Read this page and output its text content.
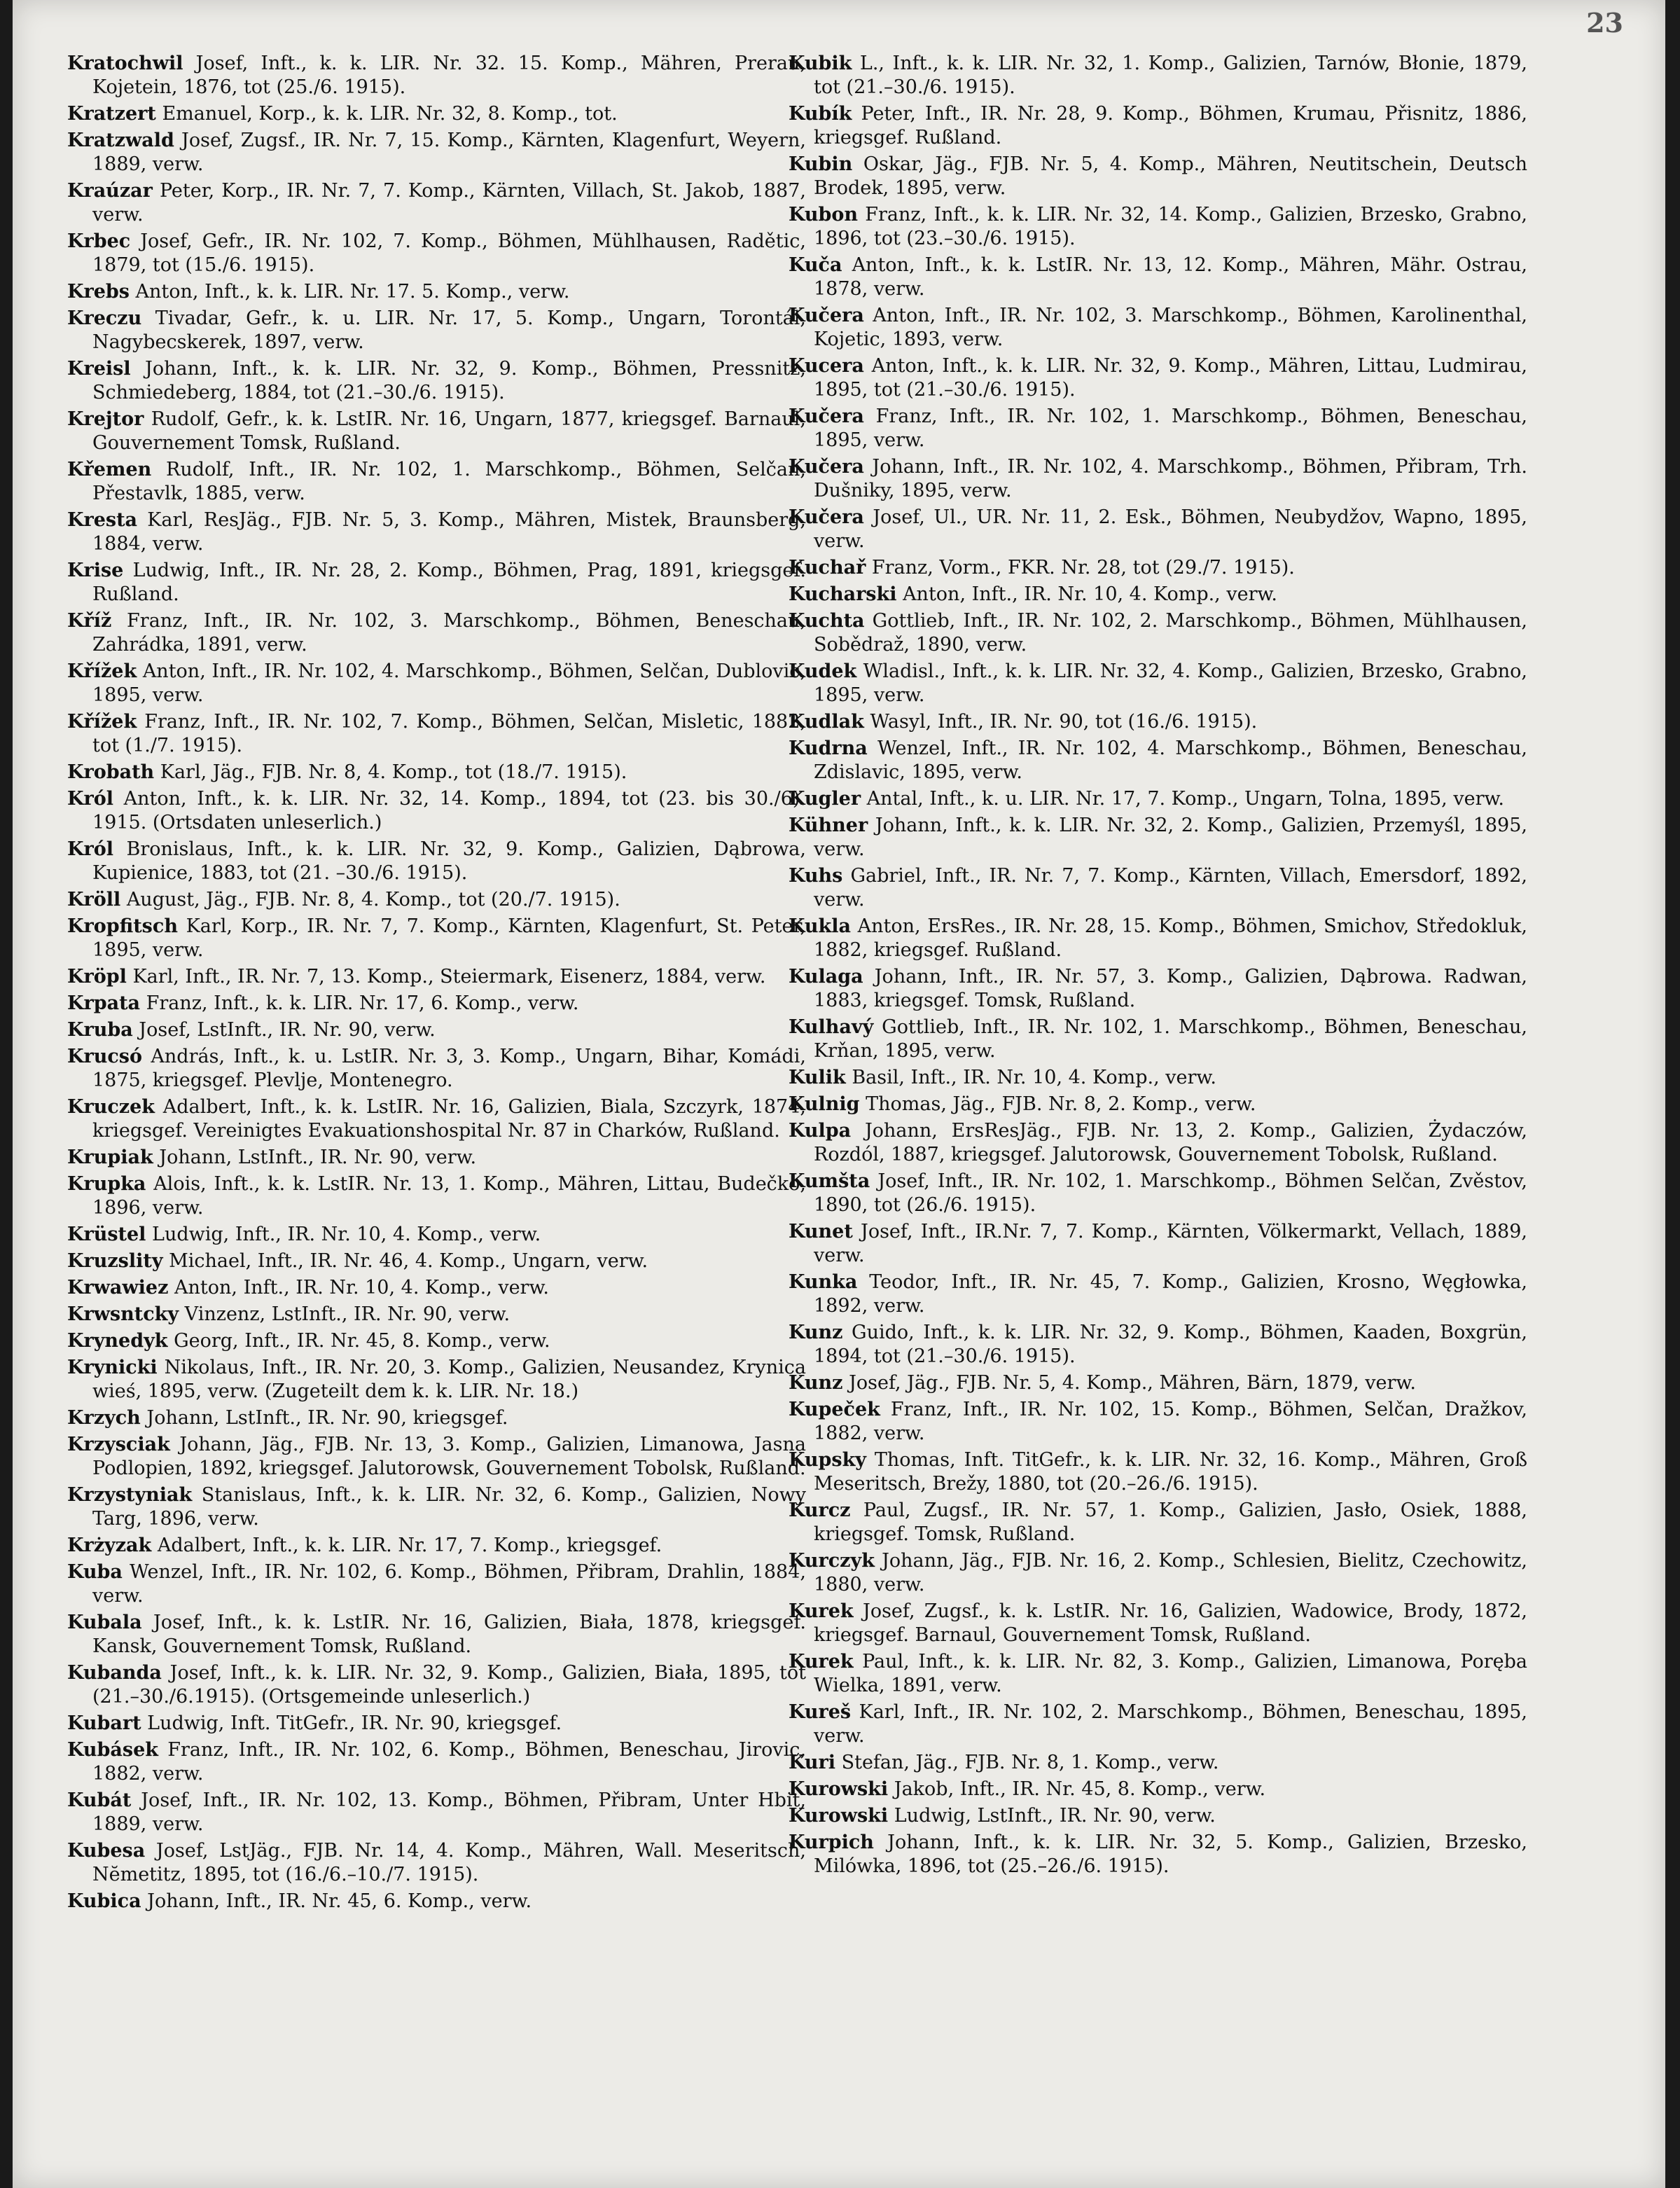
23

Kratochwil Josef, Inft., k. k. LIR. Nr. 32. 15. Komp., Mähren, Prerau, Kojetein, 1876, tot (25./6. 1915).

Kratzert Emanuel, Korp., k. k. LIR. Nr. 32, 8. Komp., tot.

Kratzwald Josef, Zugsf., IR. Nr. 7, 15. Komp., Kärnten, Klagenfurt, Weyern, 1889, verw.

Kraúzar Peter, Korp., IR. Nr. 7, 7. Komp., Kärnten, Villach, St. Jakob, 1887, verw.

Krbec Josef, Gefr., IR. Nr. 102, 7. Komp., Böhmen, Mühlhausen, Radětic, 1879, tot (15./6. 1915).

Krebs Anton, Inft., k. k. LIR. Nr. 17. 5. Komp., verw.

Kreczu Tivadar, Gefr., k. u. LIR. Nr. 17, 5. Komp., Ungarn, Torontál, Nagybecskerek, 1897, verw.

Kreisl Johann, Inft., k. k. LIR. Nr. 32, 9. Komp., Böhmen, Pressnitz, Schmiedeberg, 1884, tot (21.–30./6. 1915).

Krejtor Rudolf, Gefr., k. k. LstIR. Nr. 16, Ungarn, 1877, kriegsgef. Barnaul, Gouvernement Tomsk, Rußland.

Křemen Rudolf, Inft., IR. Nr. 102, 1. Marschkomp., Böhmen, Selčan, Přestavlk, 1885, verw.

Kresta Karl, ResJäg., FJB. Nr. 5, 3. Komp., Mähren, Mistek, Braunsberg, 1884, verw.

Krise Ludwig, Inft., IR. Nr. 28, 2. Komp., Böhmen, Prag, 1891, kriegsgef. Rußland.

Kříž Franz, Inft., IR. Nr. 102, 3. Marschkomp., Böhmen, Beneschau, Zahrádka, 1891, verw.

Křížek Anton, Inft., IR. Nr. 102, 4. Marschkomp., Böhmen, Selčan, Dublovic, 1895, verw.

Křížek Franz, Inft., IR. Nr. 102, 7. Komp., Böhmen, Selčan, Misletic, 1882, tot (1./7. 1915).

Krobath Karl, Jäg., FJB. Nr. 8, 4. Komp., tot (18./7. 1915).

Król Anton, Inft., k. k. LIR. Nr. 32, 14. Komp., 1894, tot (23. bis 30./6). 1915. (Ortsdaten unleserlich.)

Król Bronislaus, Inft., k. k. LIR. Nr. 32, 9. Komp., Galizien, Dąbrowa, Kupienice, 1883, tot (21. –30./6. 1915).

Kröll August, Jäg., FJB. Nr. 8, 4. Komp., tot (20./7. 1915).

Kropfitsch Karl, Korp., IR. Nr. 7, 7. Komp., Kärnten, Klagenfurt, St. Peter, 1895, verw.

Kröpl Karl, Inft., IR. Nr. 7, 13. Komp., Steiermark, Eisenerz, 1884, verw.

Krpata Franz, Inft., k. k. LIR. Nr. 17, 6. Komp., verw.

Kruba Josef, LstInft., IR. Nr. 90, verw.

Krucsó András, Inft., k. u. LstIR. Nr. 3, 3. Komp., Ungarn, Bihar, Komádi, 1875, kriegsgef. Plevlje, Montenegro.

Kruczek Adalbert, Inft., k. k. LstIR. Nr. 16, Galizien, Biala, Szczyrk, 1874, kriegsgef. Vereinigtes Evakuationshospital Nr. 87 in Charków, Rußland.

Krupiak Johann, LstInft., IR. Nr. 90, verw.

Krupka Alois, Inft., k. k. LstIR. Nr. 13, 1. Komp., Mähren, Littau, Budečko, 1896, verw.

Krüstel Ludwig, Inft., IR. Nr. 10, 4. Komp., verw.

Kruzslity Michael, Inft., IR. Nr. 46, 4. Komp., Ungarn, verw.

Krwawiez Anton, Inft., IR. Nr. 10, 4. Komp., verw.

Krwsntcky Vinzenz, LstInft., IR. Nr. 90, verw.

Krynedyk Georg, Inft., IR. Nr. 45, 8. Komp., verw.

Krynicki Nikolaus, Inft., IR. Nr. 20, 3. Komp., Galizien, Neusandez, Krynica wieś, 1895, verw. (Zugeteilt dem k. k. LIR. Nr. 18.)

Krzych Johann, LstInft., IR. Nr. 90, kriegsgef.

Krzysciak Johann, Jäg., FJB. Nr. 13, 3. Komp., Galizien, Limanowa, Jasna Podlopien, 1892, kriegsgef. Jalutorowsk, Gouvernement Tobolsk, Rußland.

Krzystyniak Stanislaus, Inft., k. k. LIR. Nr. 32, 6. Komp., Galizien, Nowy Targ, 1896, verw.

Krżyzak Adalbert, Inft., k. k. LIR. Nr. 17, 7. Komp., kriegsgef.

Kuba Wenzel, Inft., IR. Nr. 102, 6. Komp., Böhmen, Přibram, Drahlin, 1884, verw.

Kubala Josef, Inft., k. k. LstIR. Nr. 16, Galizien, Biała, 1878, kriegsgef. Kansk, Gouvernement Tomsk, Rußland.

Kubanda Josef, Inft., k. k. LIR. Nr. 32, 9. Komp., Galizien, Biała, 1895, tot (21.–30./6.1915). (Ortsgemeinde unleserlich.)

Kubart Ludwig, Inft. TitGefr., IR. Nr. 90, kriegsgef.

Kubásek Franz, Inft., IR. Nr. 102, 6. Komp., Böhmen, Beneschau, Jirovic, 1882, verw.

Kubát Josef, Inft., IR. Nr. 102, 13. Komp., Böhmen, Přibram, Unter Hbit, 1889, verw.

Kubesa Josef, LstJäg., FJB. Nr. 14, 4. Komp., Mähren, Wall. Meseritsch, Nĕmetitz, 1895, tot (16./6.–10./7. 1915).

Kubica Johann, Inft., IR. Nr. 45, 6. Komp., verw.

Kubik L., Inft., k. k. LIR. Nr. 32, 1. Komp., Galizien, Tarnów, Błonie, 1879, tot (21.–30./6. 1915).

Kubík Peter, Inft., IR. Nr. 28, 9. Komp., Böhmen, Krumau, Přisnitz, 1886, kriegsgef. Rußland.

Kubin Oskar, Jäg., FJB. Nr. 5, 4. Komp., Mähren, Neutitschein, Deutsch Brodek, 1895, verw.

Kubon Franz, Inft., k. k. LIR. Nr. 32, 14. Komp., Galizien, Brzesko, Grabno, 1896, tot (23.–30./6. 1915).

Kuča Anton, Inft., k. k. LstIR. Nr. 13, 12. Komp., Mähren, Mähr. Ostrau, 1878, verw.

Kučera Anton, Inft., IR. Nr. 102, 3. Marschkomp., Böhmen, Karolinenthal, Kojetic, 1893, verw.

Kucera Anton, Inft., k. k. LIR. Nr. 32, 9. Komp., Mähren, Littau, Ludmirau, 1895, tot (21.–30./6. 1915).

Kučera Franz, Inft., IR. Nr. 102, 1. Marschkomp., Böhmen, Beneschau, 1895, verw.

Kučera Johann, Inft., IR. Nr. 102, 4. Marschkomp., Böhmen, Přibram, Trh. Dušniky, 1895, verw.

Kučera Josef, Ul., UR. Nr. 11, 2. Esk., Böhmen, Neubydžov, Wapno, 1895, verw.

Kuchař Franz, Vorm., FKR. Nr. 28, tot (29./7. 1915).

Kucharski Anton, Inft., IR. Nr. 10, 4. Komp., verw.

Kuchta Gottlieb, Inft., IR. Nr. 102, 2. Marschkomp., Böhmen, Mühlhausen, Sobědraž, 1890, verw.

Kudek Wladisl., Inft., k. k. LIR. Nr. 32, 4. Komp., Galizien, Brzesko, Grabno, 1895, verw.

Kudlak Wasyl, Inft., IR. Nr. 90, tot (16./6. 1915).

Kudrna Wenzel, Inft., IR. Nr. 102, 4. Marschkomp., Böhmen, Beneschau, Zdislavic, 1895, verw.

Kugler Antal, Inft., k. u. LIR. Nr. 17, 7. Komp., Ungarn, Tolna, 1895, verw.

Kühner Johann, Inft., k. k. LIR. Nr. 32, 2. Komp., Galizien, Przemyśl, 1895, verw.

Kuhs Gabriel, Inft., IR. Nr. 7, 7. Komp., Kärnten, Villach, Emersdorf, 1892, verw.

Kukla Anton, ErsRes., IR. Nr. 28, 15. Komp., Böhmen, Smichov, Středokluk, 1882, kriegsgef. Rußland.

Kulaga Johann, Inft., IR. Nr. 57, 3. Komp., Galizien, Dąbrowa. Radwan, 1883, kriegsgef. Tomsk, Rußland.

Kulhavý Gottlieb, Inft., IR. Nr. 102, 1. Marschkomp., Böhmen, Beneschau, Krňan, 1895, verw.

Kulik Basil, Inft., IR. Nr. 10, 4. Komp., verw.

Kulnig Thomas, Jäg., FJB. Nr. 8, 2. Komp., verw.

Kulpa Johann, ErsResJäg., FJB. Nr. 13, 2. Komp., Galizien, Żydaczów, Rozdól, 1887, kriegsgef. Jalutorowsk, Gouvernement Tobolsk, Rußland.

Kumšta Josef, Inft., IR. Nr. 102, 1. Marschkomp., Böhmen Selčan, Zvěstov, 1890, tot (26./6. 1915).

Kunet Josef, Inft., IR.Nr. 7, 7. Komp., Kärnten, Völkermarkt, Vellach, 1889, verw.

Kunka Teodor, Inft., IR. Nr. 45, 7. Komp., Galizien, Krosno, Węgłowka, 1892, verw.

Kunz Guido, Inft., k. k. LIR. Nr. 32, 9. Komp., Böhmen, Kaaden, Boxgrün, 1894, tot (21.–30./6. 1915).

Kunz Josef, Jäg., FJB. Nr. 5, 4. Komp., Mähren, Bärn, 1879, verw.

Kupeček Franz, Inft., IR. Nr. 102, 15. Komp., Böhmen, Selčan, Dražkov, 1882, verw.

Kupsky Thomas, Inft. TitGefr., k. k. LIR. Nr. 32, 16. Komp., Mähren, Groß Meseritsch, Brežy, 1880, tot (20.–26./6. 1915).

Kurcz Paul, Zugsf., IR. Nr. 57, 1. Komp., Galizien, Jasło, Osiek, 1888, kriegsgef. Tomsk, Rußland.

Kurczyk Johann, Jäg., FJB. Nr. 16, 2. Komp., Schlesien, Bielitz, Czechowitz, 1880, verw.

Kurek Josef, Zugsf., k. k. LstIR. Nr. 16, Galizien, Wadowice, Brody, 1872, kriegsgef. Barnaul, Gouvernement Tomsk, Rußland.

Kurek Paul, Inft., k. k. LIR. Nr. 82, 3. Komp., Galizien, Limanowa, Poręba Wielka, 1891, verw.

Kureš Karl, Inft., IR. Nr. 102, 2. Marschkomp., Böhmen, Beneschau, 1895, verw.

Kuri Stefan, Jäg., FJB. Nr. 8, 1. Komp., verw.

Kurowski Jakob, Inft., IR. Nr. 45, 8. Komp., verw.

Kurowski Ludwig, LstInft., IR. Nr. 90, verw.

Kurpich Johann, Inft., k. k. LIR. Nr. 32, 5. Komp., Galizien, Brzesko, Milówka, 1896, tot (25.–26./6. 1915).
